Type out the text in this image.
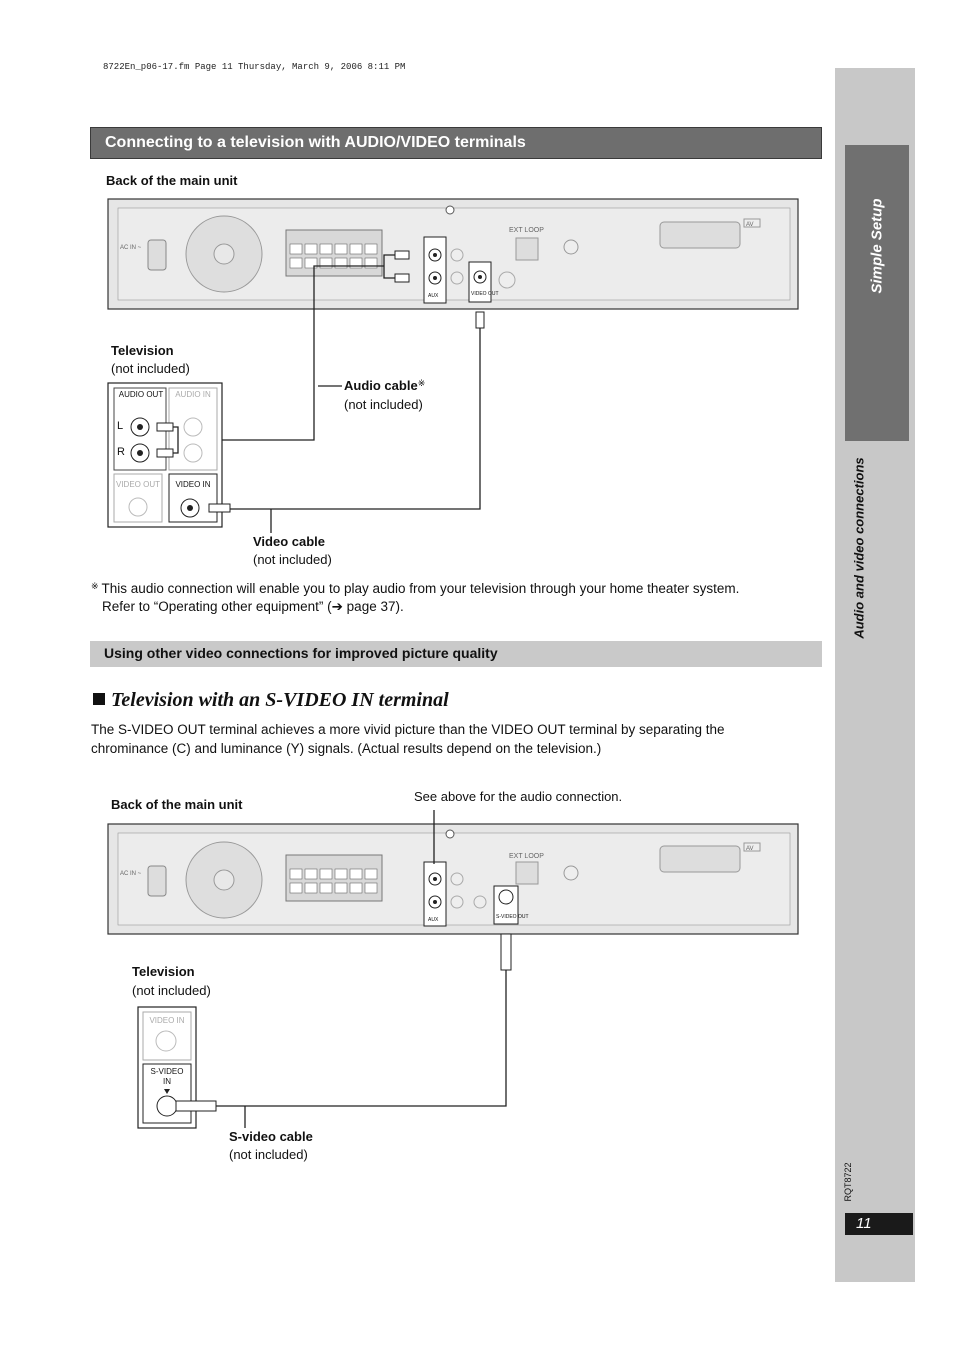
8722En_p06-17.fm Page 11 Thursday, March 9, 2006 8:11 PM
Simple Setup
Audio and video connections
RQT8722
11
Connecting to a television with AUDIO/VIDEO terminals
Back of the main unit
AC IN ~
AC IN ~
EXT LOOP
EXT LOOP
AV
AV
AUX
AUX
VIDEO OUT
S-VIDEO OUT
Television
(not included)
Audio cable※
(not included)
Video cable
(not included)
AUDIO OUT	AUDIO IN
L
R
VIDEO OUT	VIDEO IN
※ This audio connection will enable you to play audio from your television through your home theater system.
Refer to “Operating other equipment” (➔ page 37).
Using other video connections for improved picture quality
Television with an S-VIDEO IN terminal
The S-VIDEO OUT terminal achieves a more vivid picture than the VIDEO OUT terminal by separating the chrominance (C) and luminance (Y) signals. (Actual results depend on the television.)
Back of the main unit
See above for the audio connection.
Television
(not included)
VIDEO IN
S-VIDEO IN
S-video cable
(not included)
